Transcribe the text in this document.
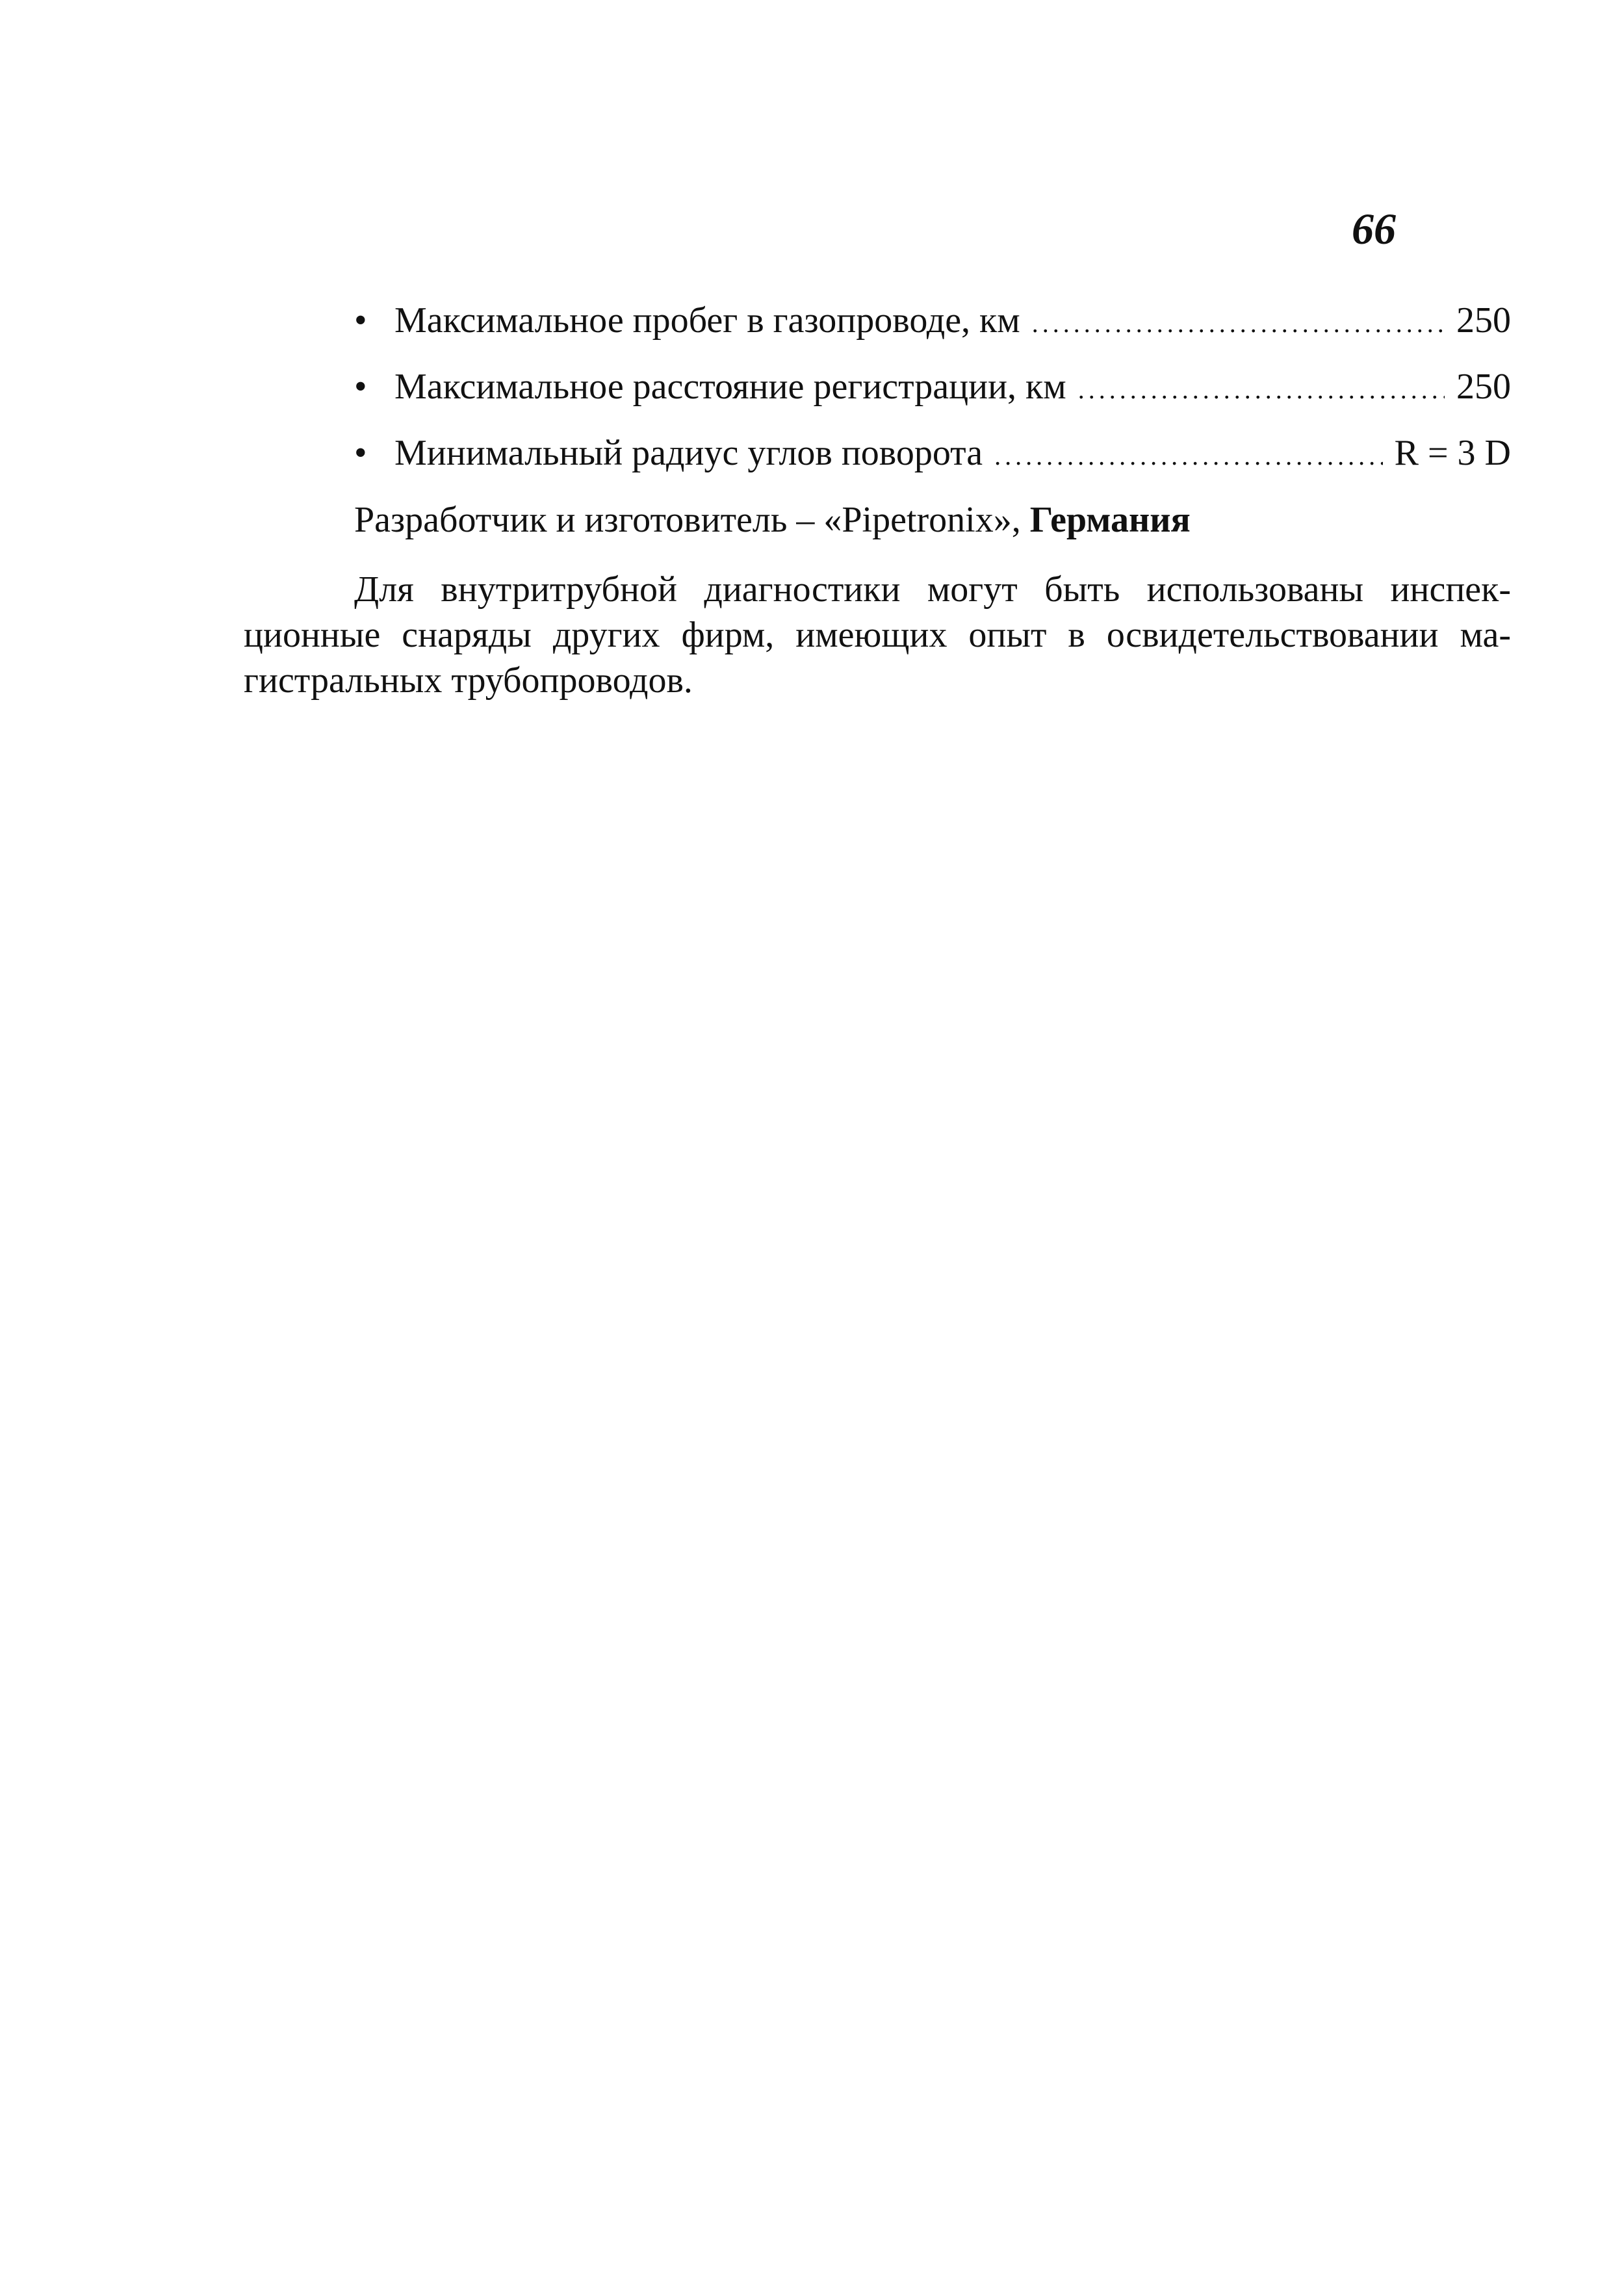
66
• Максимальное пробег в газопроводе, км .....	250
• Максимальное расстояние регистрации, км .....	250
• Минимальный радиус углов поворота .....	R = 3 D
Разработчик и изготовитель – «Pipetronix», Германия

Для внутритрубной диагностики могут быть использованы инспек-
ционные снаряды других фирм, имеющих опыт в освидетельствовании ма-
гистральных трубопроводов.
